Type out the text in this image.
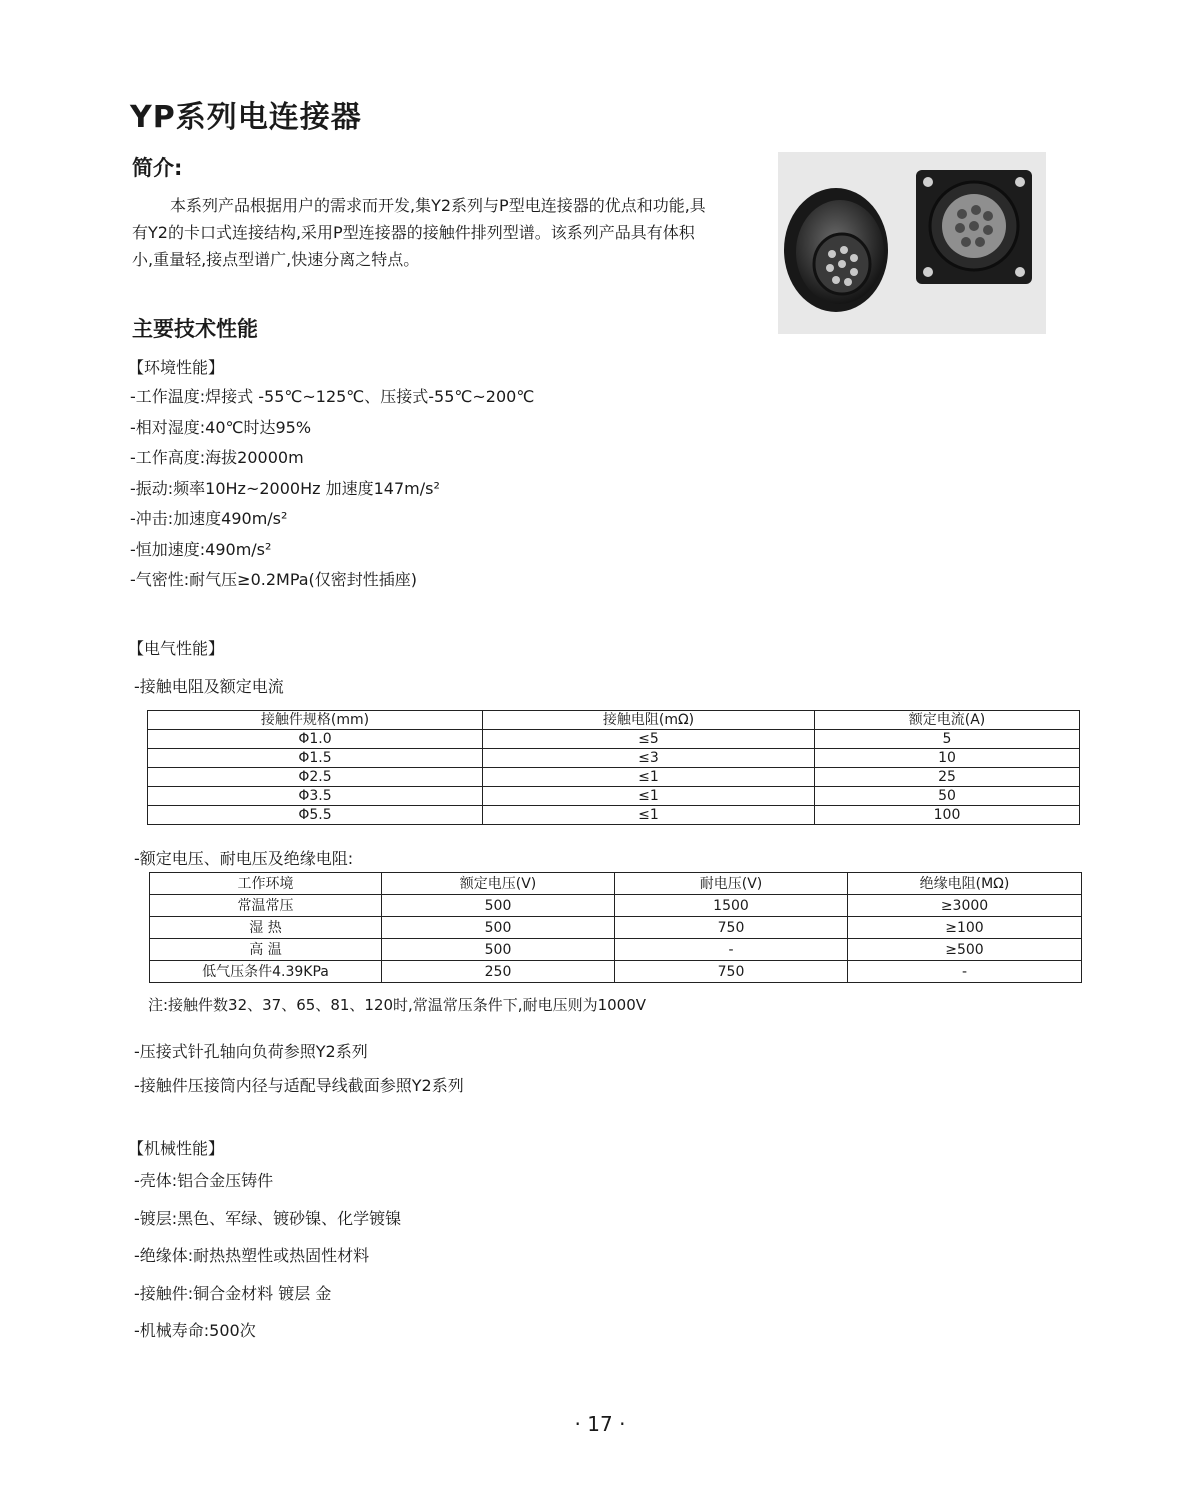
YP系列电连接器
简介:
本系列产品根据用户的需求而开发,集Y2系列与P型电连接器的优点和功能,具有Y2的卡口式连接结构,采用P型连接器的接触件排列型谱。该系列产品具有体积小,重量轻,接点型谱广,快速分离之特点。
主要技术性能
【环境性能】
-工作温度:焊接式 -55℃~125℃、压接式-55℃~200℃
-相对湿度:40℃时达95%
-工作高度:海拔20000m
-振动:频率10Hz~2000Hz 加速度147m/s²
-冲击:加速度490m/s²
-恒加速度:490m/s²
-气密性:耐气压≥0.2MPa(仅密封性插座)
【电气性能】
-接触电阻及额定电流
接触件规格(mm)	接触电阻(mΩ)	额定电流(A)
Φ1.0	≤5	5
Φ1.5	≤3	10
Φ2.5	≤1	25
Φ3.5	≤1	50
Φ5.5	≤1	100
-额定电压、耐电压及绝缘电阻:
工作环境	额定电压(V)	耐电压(V)	绝缘电阻(MΩ)
常温常压	500	1500	≥3000
湿 热	500	750	≥100
高 温	500	-	≥500
低气压条件4.39KPa	250	750	-
注:接触件数32、37、65、81、120时,常温常压条件下,耐电压则为1000V
-压接式针孔轴向负荷参照Y2系列
-接触件压接筒内径与适配导线截面参照Y2系列
【机械性能】
-壳体:铝合金压铸件
-镀层:黑色、军绿、镀砂镍、化学镀镍
-绝缘体:耐热热塑性或热固性材料
-接触件:铜合金材料 镀层 金
-机械寿命:500次
· 17 ·
